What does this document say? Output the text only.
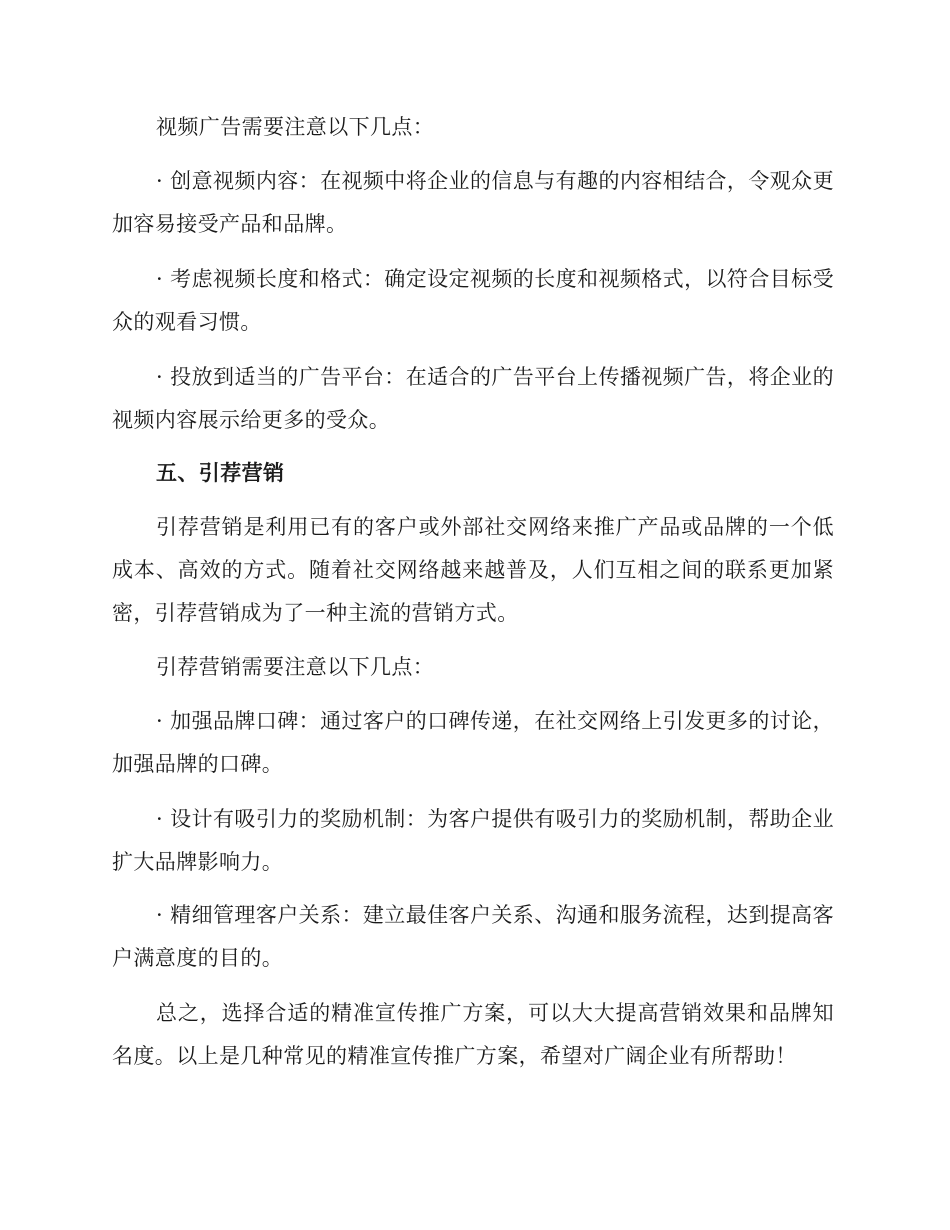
视频广告需要注意以下几点：

· 创意视频内容：在视频中将企业的信息与有趣的内容相结合，令观众更加容易接受产品和品牌。

· 考虑视频长度和格式：确定设定视频的长度和视频格式，以符合目标受众的观看习惯。

· 投放到适当的广告平台：在适合的广告平台上传播视频广告，将企业的视频内容展示给更多的受众。

五、引荐营销

引荐营销是利用已有的客户或外部社交网络来推广产品或品牌的一个低成本、高效的方式。随着社交网络越来越普及，人们互相之间的联系更加紧密，引荐营销成为了一种主流的营销方式。

引荐营销需要注意以下几点：

· 加强品牌口碑：通过客户的口碑传递，在社交网络上引发更多的讨论，加强品牌的口碑。

· 设计有吸引力的奖励机制：为客户提供有吸引力的奖励机制，帮助企业扩大品牌影响力。

· 精细管理客户关系：建立最佳客户关系、沟通和服务流程，达到提高客户满意度的目的。

总之，选择合适的精准宣传推广方案，可以大大提高营销效果和品牌知名度。以上是几种常见的精准宣传推广方案，希望对广阔企业有所帮助！
